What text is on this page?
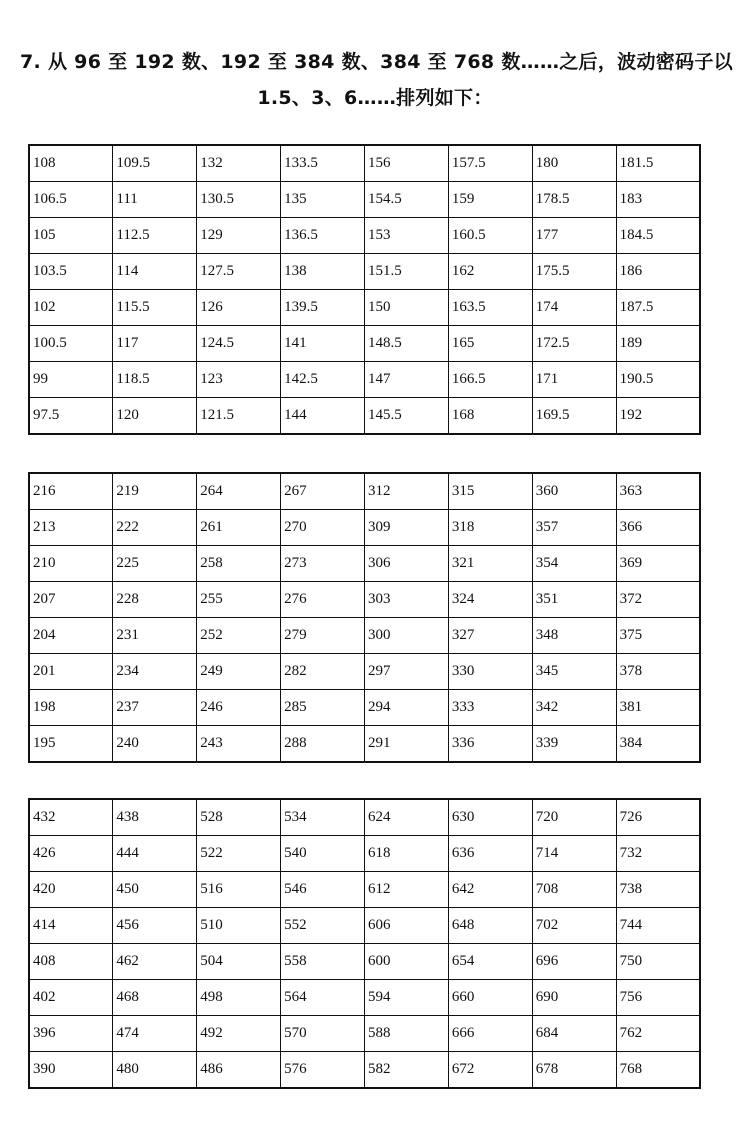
7. 从 96 至 192 数、192 至 384 数、384 至 768 数……之后，波动密码子以
1.5、3、6……排列如下：
108	109.5	132	133.5	156	157.5	180	181.5
106.5	111	130.5	135	154.5	159	178.5	183
105	112.5	129	136.5	153	160.5	177	184.5
103.5	114	127.5	138	151.5	162	175.5	186
102	115.5	126	139.5	150	163.5	174	187.5
100.5	117	124.5	141	148.5	165	172.5	189
99	118.5	123	142.5	147	166.5	171	190.5
97.5	120	121.5	144	145.5	168	169.5	192
216	219	264	267	312	315	360	363
213	222	261	270	309	318	357	366
210	225	258	273	306	321	354	369
207	228	255	276	303	324	351	372
204	231	252	279	300	327	348	375
201	234	249	282	297	330	345	378
198	237	246	285	294	333	342	381
195	240	243	288	291	336	339	384
432	438	528	534	624	630	720	726
426	444	522	540	618	636	714	732
420	450	516	546	612	642	708	738
414	456	510	552	606	648	702	744
408	462	504	558	600	654	696	750
402	468	498	564	594	660	690	756
396	474	492	570	588	666	684	762
390	480	486	576	582	672	678	768
